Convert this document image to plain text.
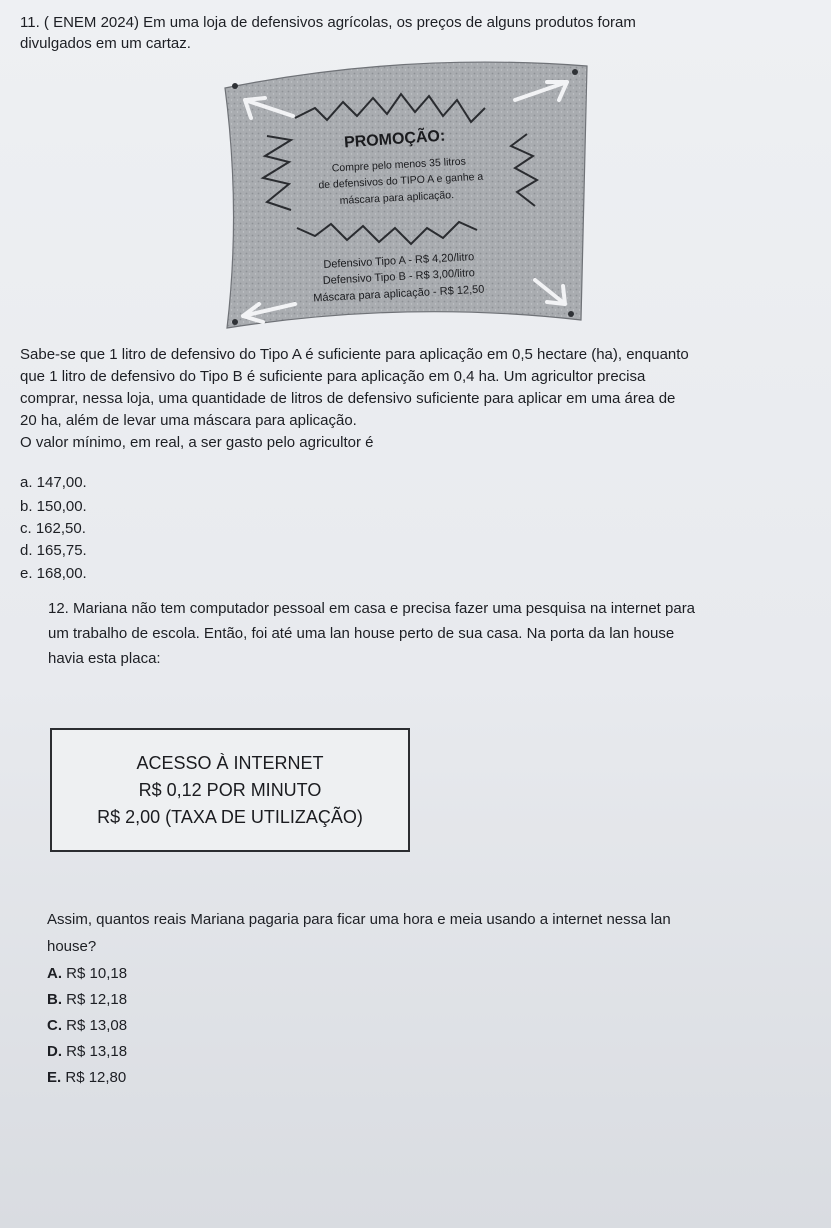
11. ( ENEM 2024) Em uma loja de defensivos agrícolas, os preços de alguns produtos foram
divulgados em um cartaz.
PROMOÇÃO:
Compre pelo menos 35 litros
de defensivos do TIPO A e ganhe a
máscara para aplicação.
Defensivo Tipo A - R$ 4,20/litro
Defensivo Tipo B - R$ 3,00/litro
Máscara para aplicação - R$ 12,50
Sabe-se que 1 litro de defensivo do Tipo A é suficiente para aplicação em 0,5 hectare (ha), enquanto
que 1 litro de defensivo do Tipo B é suficiente para aplicação em 0,4 ha. Um agricultor precisa
comprar, nessa loja, uma quantidade de litros de defensivo suficiente para aplicar em uma área de
20 ha, além de levar uma máscara para aplicação.
O valor mínimo, em real, a ser gasto pelo agricultor é
a. 147,00.
b. 150,00.
c. 162,50.
d. 165,75.
e. 168,00.
12. Mariana não tem computador pessoal em casa e precisa fazer uma pesquisa na internet para
um trabalho de escola. Então, foi até uma lan house perto de sua casa. Na porta da lan house
havia esta placa:
ACESSO À INTERNET
R$ 0,12 POR MINUTO
R$ 2,00 (TAXA DE UTILIZAÇÃO)
Assim, quantos reais Mariana pagaria para ficar uma hora e meia usando a internet nessa lan
house?
A. R$ 10,18
B. R$ 12,18
C. R$ 13,08
D. R$ 13,18
E. R$ 12,80
